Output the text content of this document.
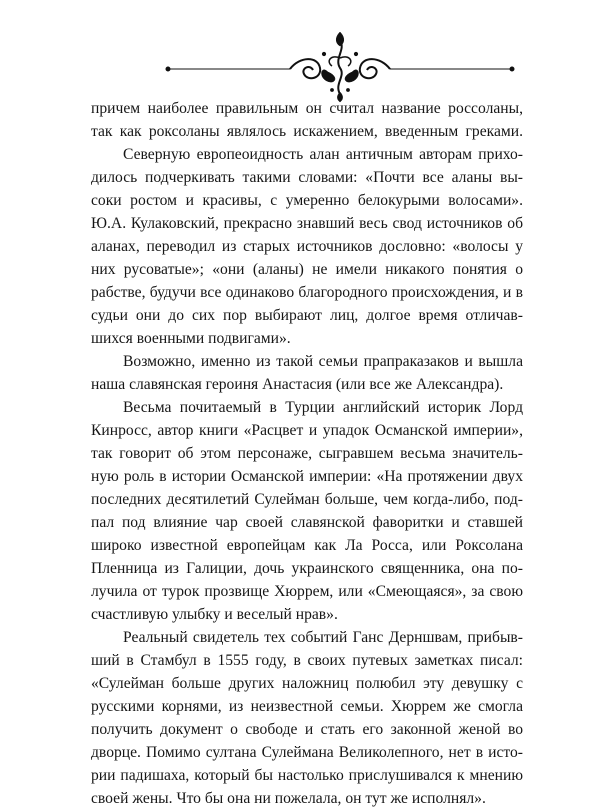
причем наиболее правильным он считал название россоланы, так как роксоланы являлось искажением, введенным греками.

Северную европеоидность алан античным авторам прихо-дилось подчеркивать такими словами: «Почти все аланы вы- соки ростом и красивы, с умеренно белокурыми волосами». Ю.А. Кулаковский, прекрасно знавший весь свод источников об аланах, переводил из старых источников дословно: «волосы у них русоватые»; «они (аланы) не имели никакого понятия о рабстве, будучи все одинаково благородного происхождения, и в судьи они до сих пор выбирают лиц, долгое время отличав-шихся военными подвигами».

Возможно, именно из такой семьи прапраказаков и вышла наша славянская героиня Анастасия (или все же Александра).

Весьма почитаемый в Турции английский историк Лорд Кинросс, автор книги «Расцвет и упадок Османской империи», так говорит об этом персонаже, сыгравшем весьма значитель-ную роль в истории Османской империи: «На протяжении двух последних десятилетий Сулейман больше, чем когда-либо, под-пал под влияние чар своей славянской фаворитки и ставшей широко известной европейцам как Ла Росса, или Роксолана Пленница из Галиции, дочь украинского священника, она по-лучила от турок прозвище Хюррем, или «Смеющаяся», за свою счастливую улыбку и веселый нрав».

Реальный свидетель тех событий Ганс Дерншвам, прибыв-ший в Стамбул в 1555 году, в своих путевых заметках писал: «Сулейман больше других наложниц полюбил эту девушку с русскими корнями, из неизвестной семьи. Хюррем же смогла получить документ о свободе и стать его законной женой во дворце. Помимо султана Сулеймана Великолепного, нет в исто-рии падишаха, который бы настолько прислушивался к мнению своей жены. Что бы она ни пожелала, он тут же исполнял».
